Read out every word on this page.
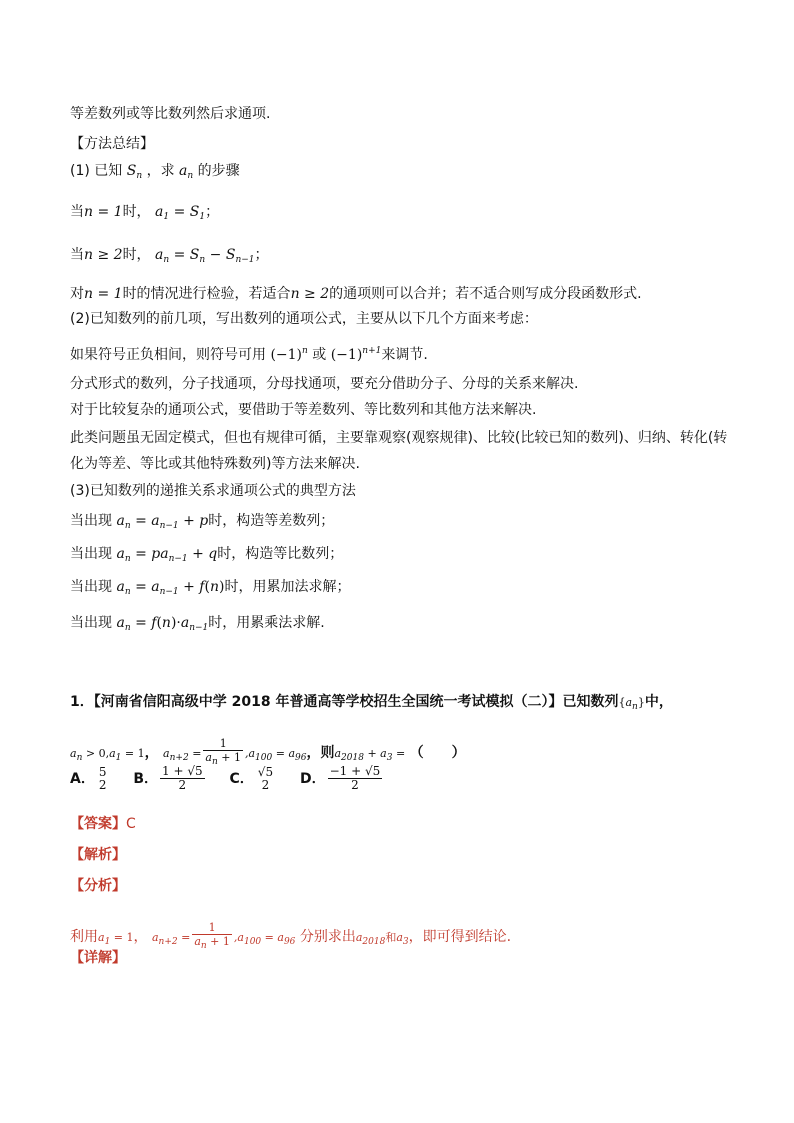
等差数列或等比数列然后求通项.
【方法总结】
(1) 已知 $S_n$ ，求 $a_n$ 的步骤
当n = 1时， $a_1 = S_1$；
当n ≥ 2时， $a_n = S_n - S_{n-1}$；
对n = 1时的情况进行检验，若适合n ≥ 2的通项则可以合并；若不适合则写成分段函数形式.
(2)已知数列的前几项，写出数列的通项公式，主要从以下几个方面来考虑：
如果符号正负相间，则符号可用 $(-1)^n$ 或 $(-1)^{n+1}$来调节.
分式形式的数列，分子找通项，分母找通项，要充分借助分子、分母的关系来解决.
对于比较复杂的通项公式，要借助于等差数列、等比数列和其他方法来解决.
此类问题虽无固定模式，但也有规律可循，主要靠观察(观察规律)、比较(比较已知的数列)、归纳、转化(转
化为等差、等比或其他特殊数列)等方法来解决.
(3)已知数列的递推关系求通项公式的典型方法
当出现 $a_n = a_{n-1} + p$时，构造等差数列；
当出现 $a_n = pa_{n-1} + q$时，构造等比数列；
当出现 $a_n = a_{n-1} + f(n)$时，用累加法求解；
当出现 $a_n = f(n)\cdot a_{n-1}$时，用累乘法求解.
1．【河南省信阳高级中学 2018 年普通高等学校招生全国统一考试模拟（二）】已知数列$\{a_n\}$中，
$a_n > 0,a_1 = 1$， $a_{n+2} = \frac{1}{a_n + 1} ,a_{100} = a_{96}$，则$a_{2018} + a_3$ = （　　）
A． 5
2 B． $\frac{1 + √5}{2}$ C． √5
2	D． $\frac{-1 + √5}{2}$
【答案】C
【解析】
【分析】
利用$a_1 = 1$， $a_{n+2} = \frac{1}{a_n + 1} ,a_{100} = a_{96}$ 分别求出$a_{2018}$和$a_3$，即可得到结论.
【详解】
